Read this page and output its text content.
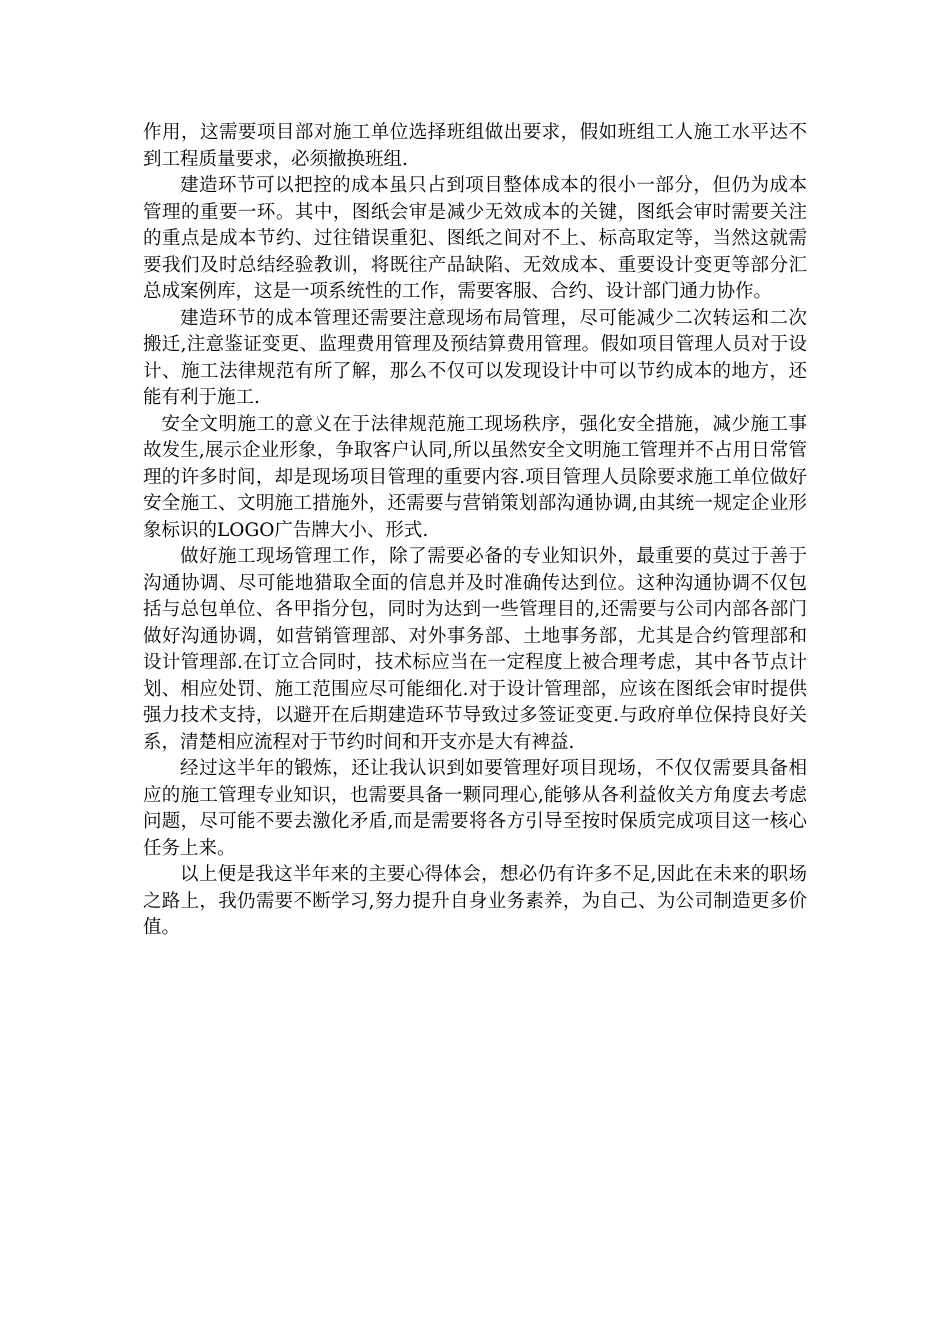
作用，这需要项目部对施工单位选择班组做出要求，假如班组工人施工水平达不到工程质量要求，必须撤换班组.

建造环节可以把控的成本虽只占到项目整体成本的很小一部分，但仍为成本管理的重要一环。其中，图纸会审是减少无效成本的关键，图纸会审时需要关注的重点是成本节约、过往错误重犯、图纸之间对不上、标高取定等，当然这就需要我们及时总结经验教训，将既往产品缺陷、无效成本、重要设计变更等部分汇总成案例库，这是一项系统性的工作，需要客服、合约、设计部门通力协作。

建造环节的成本管理还需要注意现场布局管理，尽可能减少二次转运和二次搬迁,注意鉴证变更、监理费用管理及预结算费用管理。假如项目管理人员对于设计、施工法律规范有所了解，那么不仅可以发现设计中可以节约成本的地方，还能有利于施工.

安全文明施工的意义在于法律规范施工现场秩序，强化安全措施，减少施工事故发生,展示企业形象，争取客户认同,所以虽然安全文明施工管理并不占用日常管理的许多时间，却是现场项目管理的重要内容.项目管理人员除要求施工单位做好安全施工、文明施工措施外，还需要与营销策划部沟通协调,由其统一规定企业形象标识的LOGO广告牌大小、形式.

做好施工现场管理工作，除了需要必备的专业知识外，最重要的莫过于善于沟通协调、尽可能地猎取全面的信息并及时准确传达到位。这种沟通协调不仅包括与总包单位、各甲指分包，同时为达到一些管理目的,还需要与公司内部各部门做好沟通协调，如营销管理部、对外事务部、土地事务部，尤其是合约管理部和设计管理部.在订立合同时，技术标应当在一定程度上被合理考虑，其中各节点计划、相应处罚、施工范围应尽可能细化.对于设计管理部，应该在图纸会审时提供强力技术支持，以避开在后期建造环节导致过多签证变更.与政府单位保持良好关系，清楚相应流程对于节约时间和开支亦是大有裨益.

经过这半年的锻炼，还让我认识到如要管理好项目现场，不仅仅需要具备相应的施工管理专业知识，也需要具备一颗同理心,能够从各利益攸关方角度去考虑问题，尽可能不要去激化矛盾,而是需要将各方引导至按时保质完成项目这一核心任务上来。

以上便是我这半年来的主要心得体会，想必仍有许多不足,因此在未来的职场之路上，我仍需要不断学习,努力提升自身业务素养，为自己、为公司制造更多价值。
